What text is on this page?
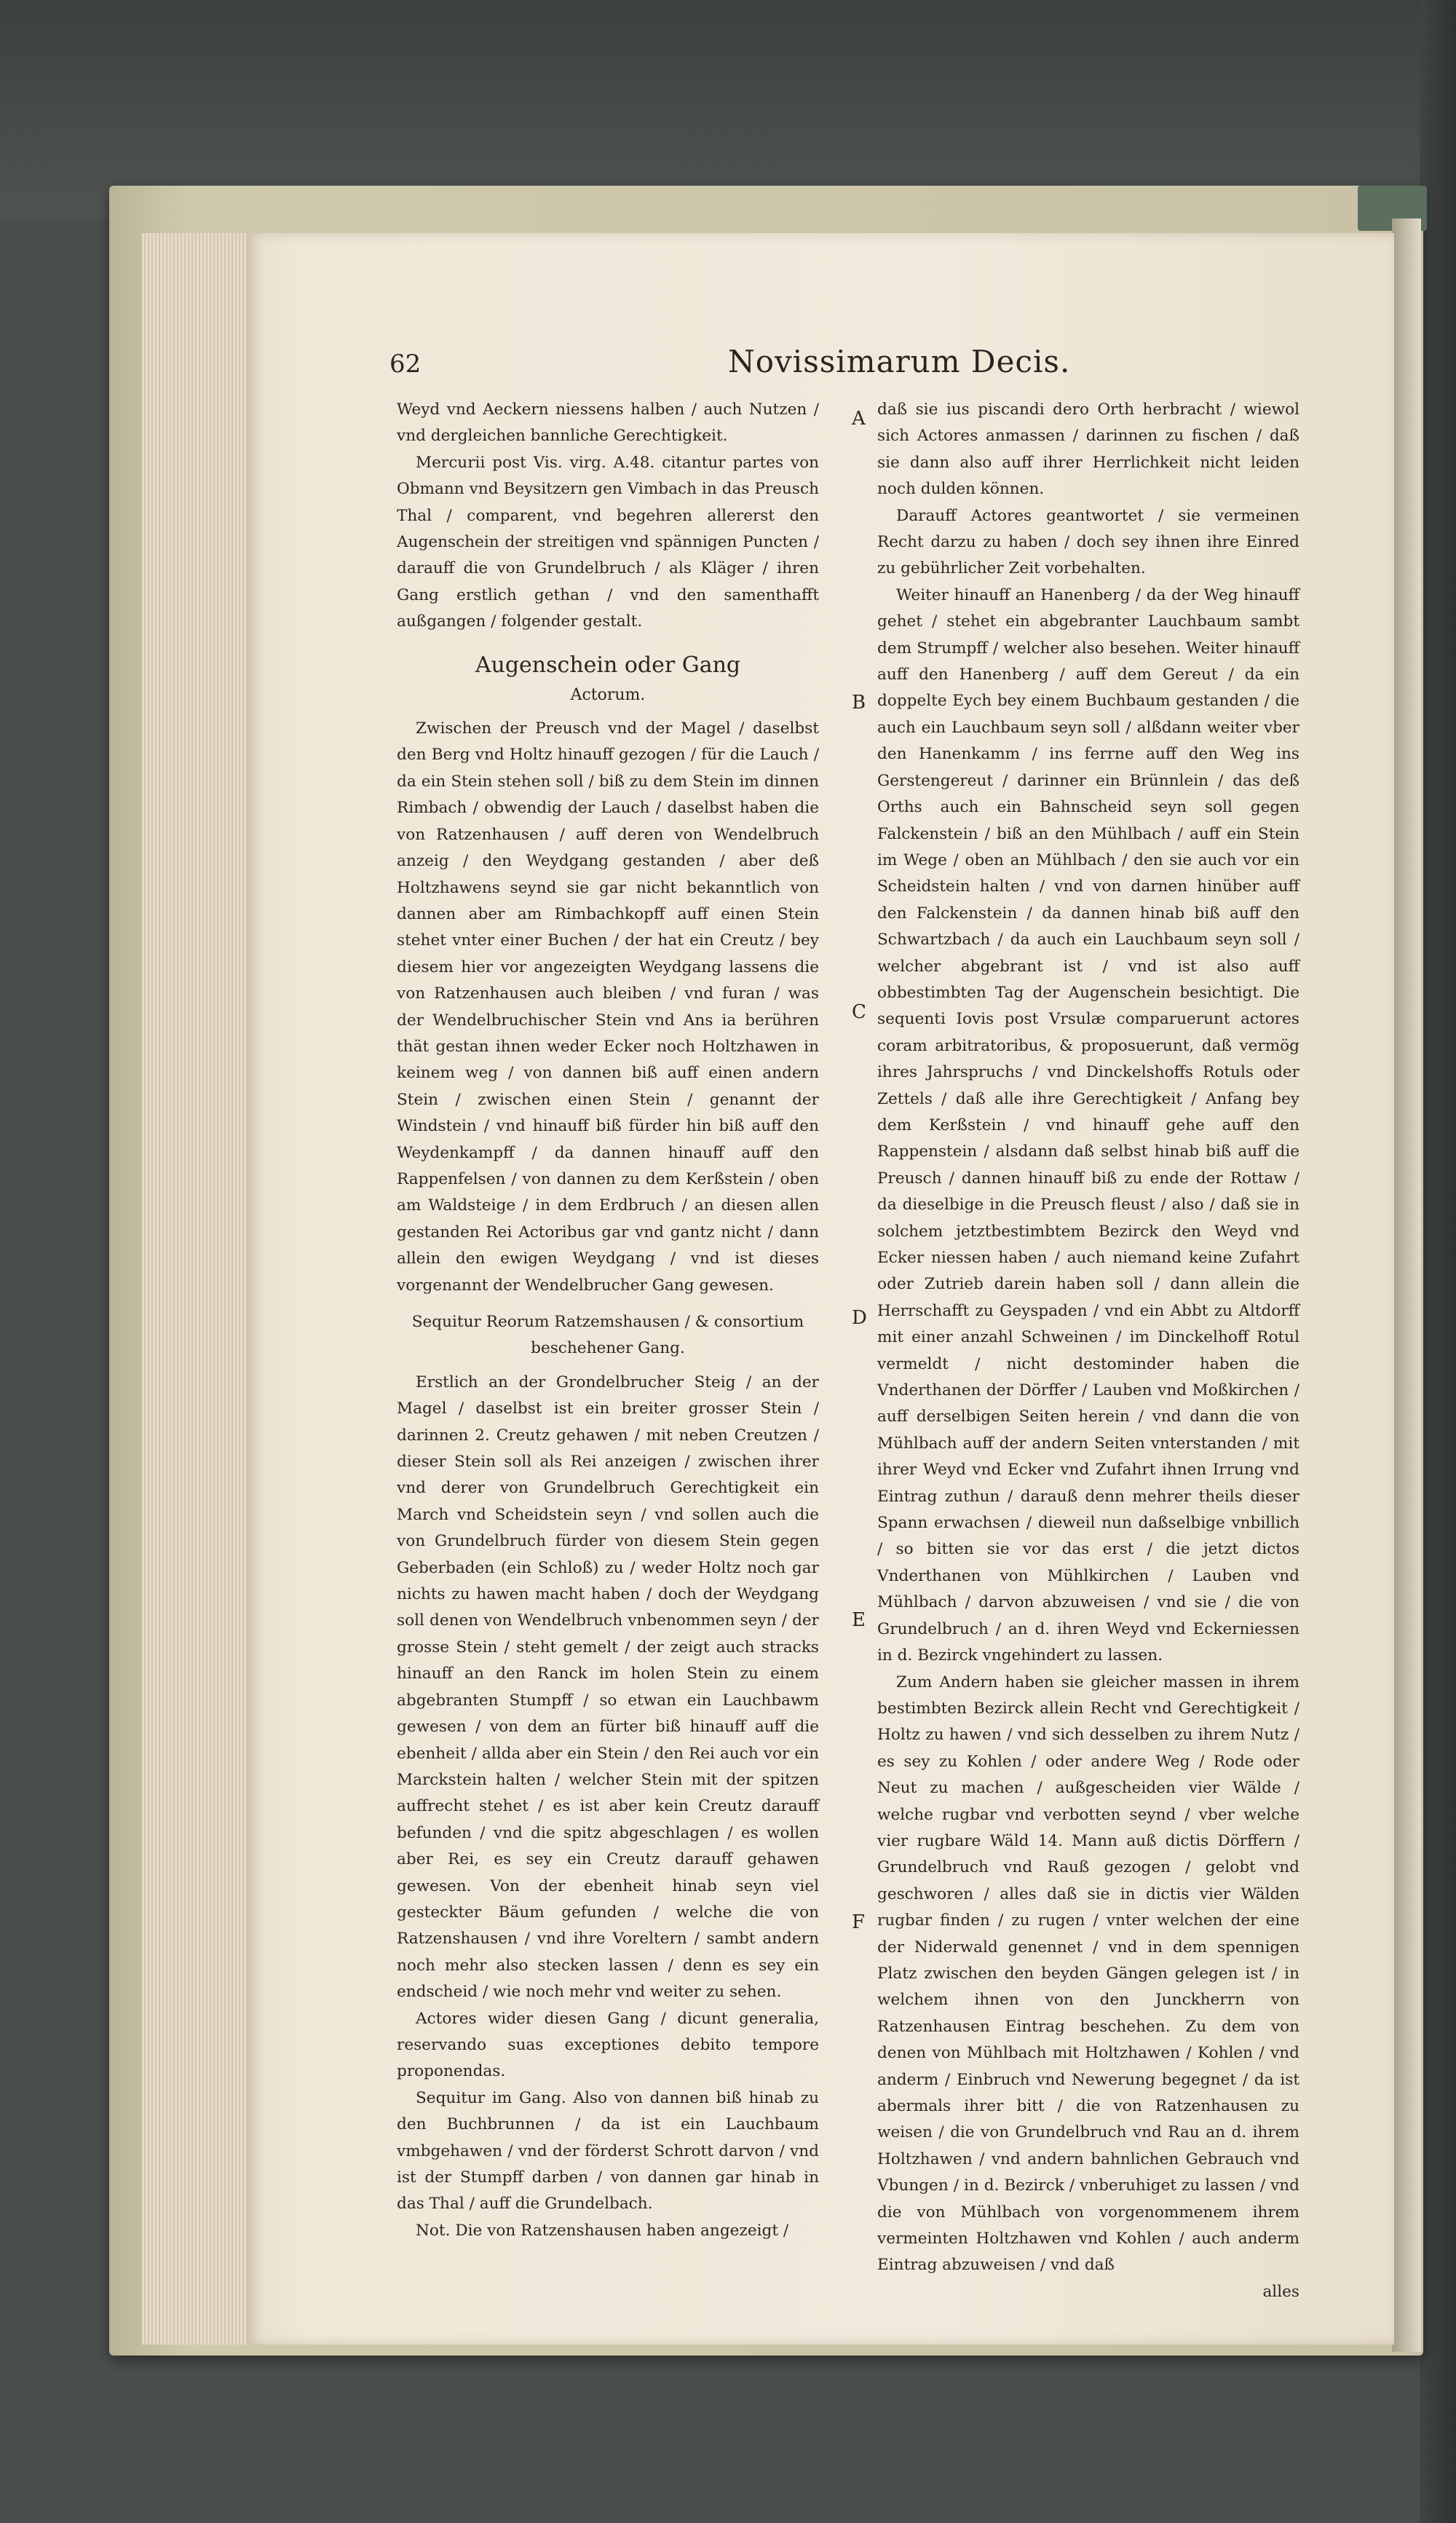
62	Novissimarum Decis.

Weyd vnd Aeckern niessens halben / auch Nutzen / vnd dergleichen bannliche Gerechtigkeit.

Mercurii post Vis. virg. A.48. citantur partes von Obmann vnd Beysitzern gen Vimbach in das Preusch Thal / comparent, vnd begehren allererst den Augenschein der streitigen vnd spännigen Puncten / darauff die von Grundelbruch / als Kläger / ihren Gang erstlich gethan / vnd den samenthafft außgangen / folgender gestalt.

Augenschein oder Gang

Actorum.

Zwischen der Preusch vnd der Magel / daselbst den Berg vnd Holtz hinauff gezogen / für die Lauch / da ein Stein stehen soll / biß zu dem Stein im dinnen Rimbach / obwendig der Lauch / daselbst haben die von Ratzenhausen / auff deren von Wendelbruch anzeig / den Weydgang gestanden / aber deß Holtzhawens seynd sie gar nicht bekanntlich von dannen aber am Rimbachkopff auff einen Stein stehet vnter einer Buchen / der hat ein Creutz / bey diesem hier vor angezeigten Weydgang lassens die von Ratzenhausen auch bleiben / vnd furan / was der Wendelbruchischer Stein vnd Ans ia berühren thät gestan ihnen weder Ecker noch Holtzhawen in keinem weg / von dannen biß auff einen andern Stein / zwischen einen Stein / genannt der Windstein / vnd hinauff biß fürder hin biß auff den Weydenkampff / da dannen hinauff auff den Rappenfelsen / von dannen zu dem Kerßstein / oben am Waldsteige / in dem Erdbruch / an diesen allen gestanden Rei Actoribus gar vnd gantz nicht / dann allein den ewigen Weydgang / vnd ist dieses vorgenannt der Wendelbrucher Gang gewesen.

Sequitur Reorum Ratzemshausen / & consortium beschehener Gang.

Erstlich an der Grondelbrucher Steig / an der Magel / daselbst ist ein breiter grosser Stein / darinnen 2. Creutz gehawen / mit neben Creutzen / dieser Stein soll als Rei anzeigen / zwischen ihrer vnd derer von Grundelbruch Gerechtigkeit ein March vnd Scheidstein seyn / vnd sollen auch die von Grundelbruch fürder von diesem Stein gegen Geberbaden (ein Schloß) zu / weder Holtz noch gar nichts zu hawen macht haben / doch der Weydgang soll denen von Wendelbruch vnbenommen seyn / der grosse Stein / steht gemelt / der zeigt auch stracks hinauff an den Ranck im holen Stein zu einem abgebranten Stumpff / so etwan ein Lauchbawm gewesen / von dem an fürter biß hinauff auff die ebenheit / allda aber ein Stein / den Rei auch vor ein Marckstein halten / welcher Stein mit der spitzen auffrecht stehet / es ist aber kein Creutz darauff befunden / vnd die spitz abgeschlagen / es wollen aber Rei, es sey ein Creutz darauff gehawen gewesen. Von der ebenheit hinab seyn viel gesteckter Bäum gefunden / welche die von Ratzenshausen / vnd ihre Voreltern / sambt andern noch mehr also stecken lassen / denn es sey ein endscheid / wie noch mehr vnd weiter zu sehen.

Actores wider diesen Gang / dicunt generalia, reservando suas exceptiones debito tempore proponendas.

Sequitur im Gang. Also von dannen biß hinab zu den Buchbrunnen / da ist ein Lauchbaum vmbgehawen / vnd der förderst Schrott darvon / vnd ist der Stumpff darben / von dannen gar hinab in das Thal / auff die Grundelbach.

Not. Die von Ratzenshausen haben angezeigt /

daß sie ius piscandi dero Orth herbracht / wiewol sich Actores anmassen / darinnen zu fischen / daß sie dann also auff ihrer Herrlichkeit nicht leiden noch dulden können.

Darauff Actores geantwortet / sie vermeinen Recht darzu zu haben / doch sey ihnen ihre Einred zu gebührlicher Zeit vorbehalten.

Weiter hinauff an Hanenberg / da der Weg hinauff gehet / stehet ein abgebranter Lauchbaum sambt dem Strumpff / welcher also besehen. Weiter hinauff auff den Hanenberg / auff dem Gereut / da ein doppelte Eych bey einem Buchbaum gestanden / die auch ein Lauchbaum seyn soll / alßdann weiter vber den Hanenkamm / ins ferrne auff den Weg ins Gerstengereut / darinner ein Brünnlein / das deß Orths auch ein Bahnscheid seyn soll gegen Falckenstein / biß an den Mühlbach / auff ein Stein im Wege / oben an Mühlbach / den sie auch vor ein Scheidstein halten / vnd von darnen hinüber auff den Falckenstein / da dannen hinab biß auff den Schwartzbach / da auch ein Lauchbaum seyn soll / welcher abgebrant ist / vnd ist also auff obbestimbten Tag der Augenschein besichtigt. Die sequenti Iovis post Vrsulæ comparuerunt actores coram arbitratoribus, & proposuerunt, daß vermög ihres Jahrspruchs / vnd Dinckelshoffs Rotuls oder Zettels / daß alle ihre Gerechtigkeit / Anfang bey dem Kerßstein / vnd hinauff gehe auff den Rappenstein / alsdann daß selbst hinab biß auff die Preusch / dannen hinauff biß zu ende der Rottaw / da dieselbige in die Preusch fleust / also / daß sie in solchem jetztbestimbtem Bezirck den Weyd vnd Ecker niessen haben / auch niemand keine Zufahrt oder Zutrieb darein haben soll / dann allein die Herrschafft zu Geyspaden / vnd ein Abbt zu Altdorff mit einer anzahl Schweinen / im Dinckelhoff Rotul vermeldt / nicht destominder haben die Vnderthanen der Dörffer / Lauben vnd Moßkirchen / auff derselbigen Seiten herein / vnd dann die von Mühlbach auff der andern Seiten vnterstanden / mit ihrer Weyd vnd Ecker vnd Zufahrt ihnen Irrung vnd Eintrag zuthun / darauß denn mehrer theils dieser Spann erwachsen / dieweil nun daßselbige vnbillich / so bitten sie vor das erst / die jetzt dictos Vnderthanen von Mühlkirchen / Lauben vnd Mühlbach / darvon abzuweisen / vnd sie / die von Grundelbruch / an d. ihren Weyd vnd Eckerniessen in d. Bezirck vngehindert zu lassen.

Zum Andern haben sie gleicher massen in ihrem bestimbten Bezirck allein Recht vnd Gerechtigkeit / Holtz zu hawen / vnd sich desselben zu ihrem Nutz / es sey zu Kohlen / oder andere Weg / Rode oder Neut zu machen / außgescheiden vier Wälde / welche rugbar vnd verbotten seynd / vber welche vier rugbare Wäld 14. Mann auß dictis Dörffern / Grundelbruch vnd Rauß gezogen / gelobt vnd geschworen / alles daß sie in dictis vier Wälden rugbar finden / zu rugen / vnter welchen der eine der Niderwald genennet / vnd in dem spennigen Platz zwischen den beyden Gängen gelegen ist / in welchem ihnen von den Junckherrn von Ratzenhausen Eintrag beschehen. Zu dem von denen von Mühlbach mit Holtzhawen / Kohlen / vnd anderm / Einbruch vnd Newerung begegnet / da ist abermals ihrer bitt / die von Ratzenhausen zu weisen / die von Grundelbruch vnd Rau an d. ihrem Holtzhawen / vnd andern bahnlichen Gebrauch vnd Vbungen / in d. Bezirck / vnberuhiget zu lassen / vnd die von Mühlbach von vorgenommenem ihrem vermeinten Holtzhawen vnd Kohlen / auch anderm Eintrag abzuweisen / vnd daß

alles

A
B
C
D
E
F
